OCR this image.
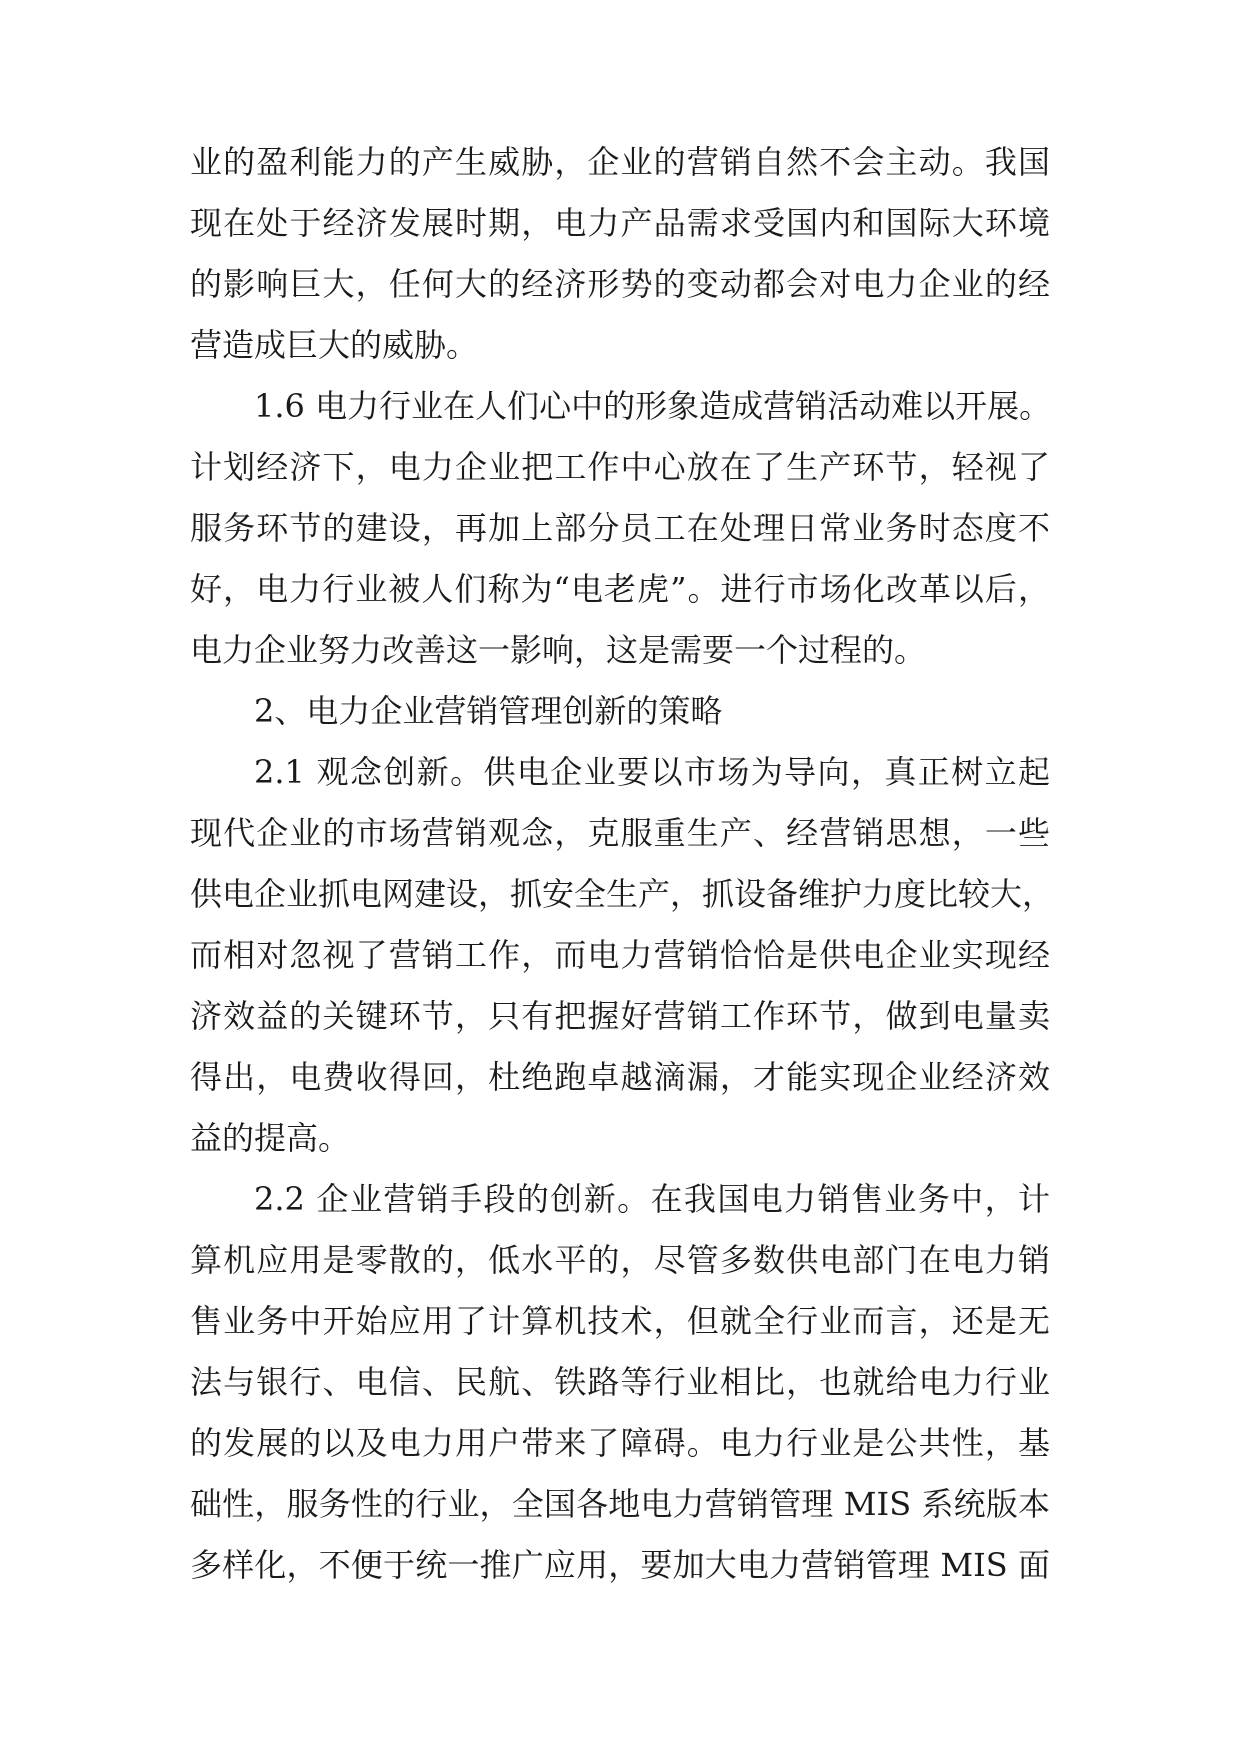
业的盈利能力的产生威胁，企业的营销自然不会主动。我国
现在处于经济发展时期，电力产品需求受国内和国际大环境
的影响巨大，任何大的经济形势的变动都会对电力企业的经
营造成巨大的威胁。
1.6 电力行业在人们心中的形象造成营销活动难以开展。
计划经济下，电力企业把工作中心放在了生产环节，轻视了
服务环节的建设，再加上部分员工在处理日常业务时态度不
好，电力行业被人们称为“电老虎”。进行市场化改革以后，
电力企业努力改善这一影响，这是需要一个过程的。
2、电力企业营销管理创新的策略
2.1 观念创新。供电企业要以市场为导向，真正树立起
现代企业的市场营销观念，克服重生产、经营销思想，一些
供电企业抓电网建设，抓安全生产，抓设备维护力度比较大，
而相对忽视了营销工作，而电力营销恰恰是供电企业实现经
济效益的关键环节，只有把握好营销工作环节，做到电量卖
得出，电费收得回，杜绝跑卓越滴漏，才能实现企业经济效
益的提高。
2.2 企业营销手段的创新。在我国电力销售业务中，计
算机应用是零散的，低水平的，尽管多数供电部门在电力销
售业务中开始应用了计算机技术，但就全行业而言，还是无
法与银行、电信、民航、铁路等行业相比，也就给电力行业
的发展的以及电力用户带来了障碍。电力行业是公共性，基
础性，服务性的行业，全国各地电力营销管理 MIS 系统版本
多样化，不便于统一推广应用，要加大电力营销管理 MIS 面
